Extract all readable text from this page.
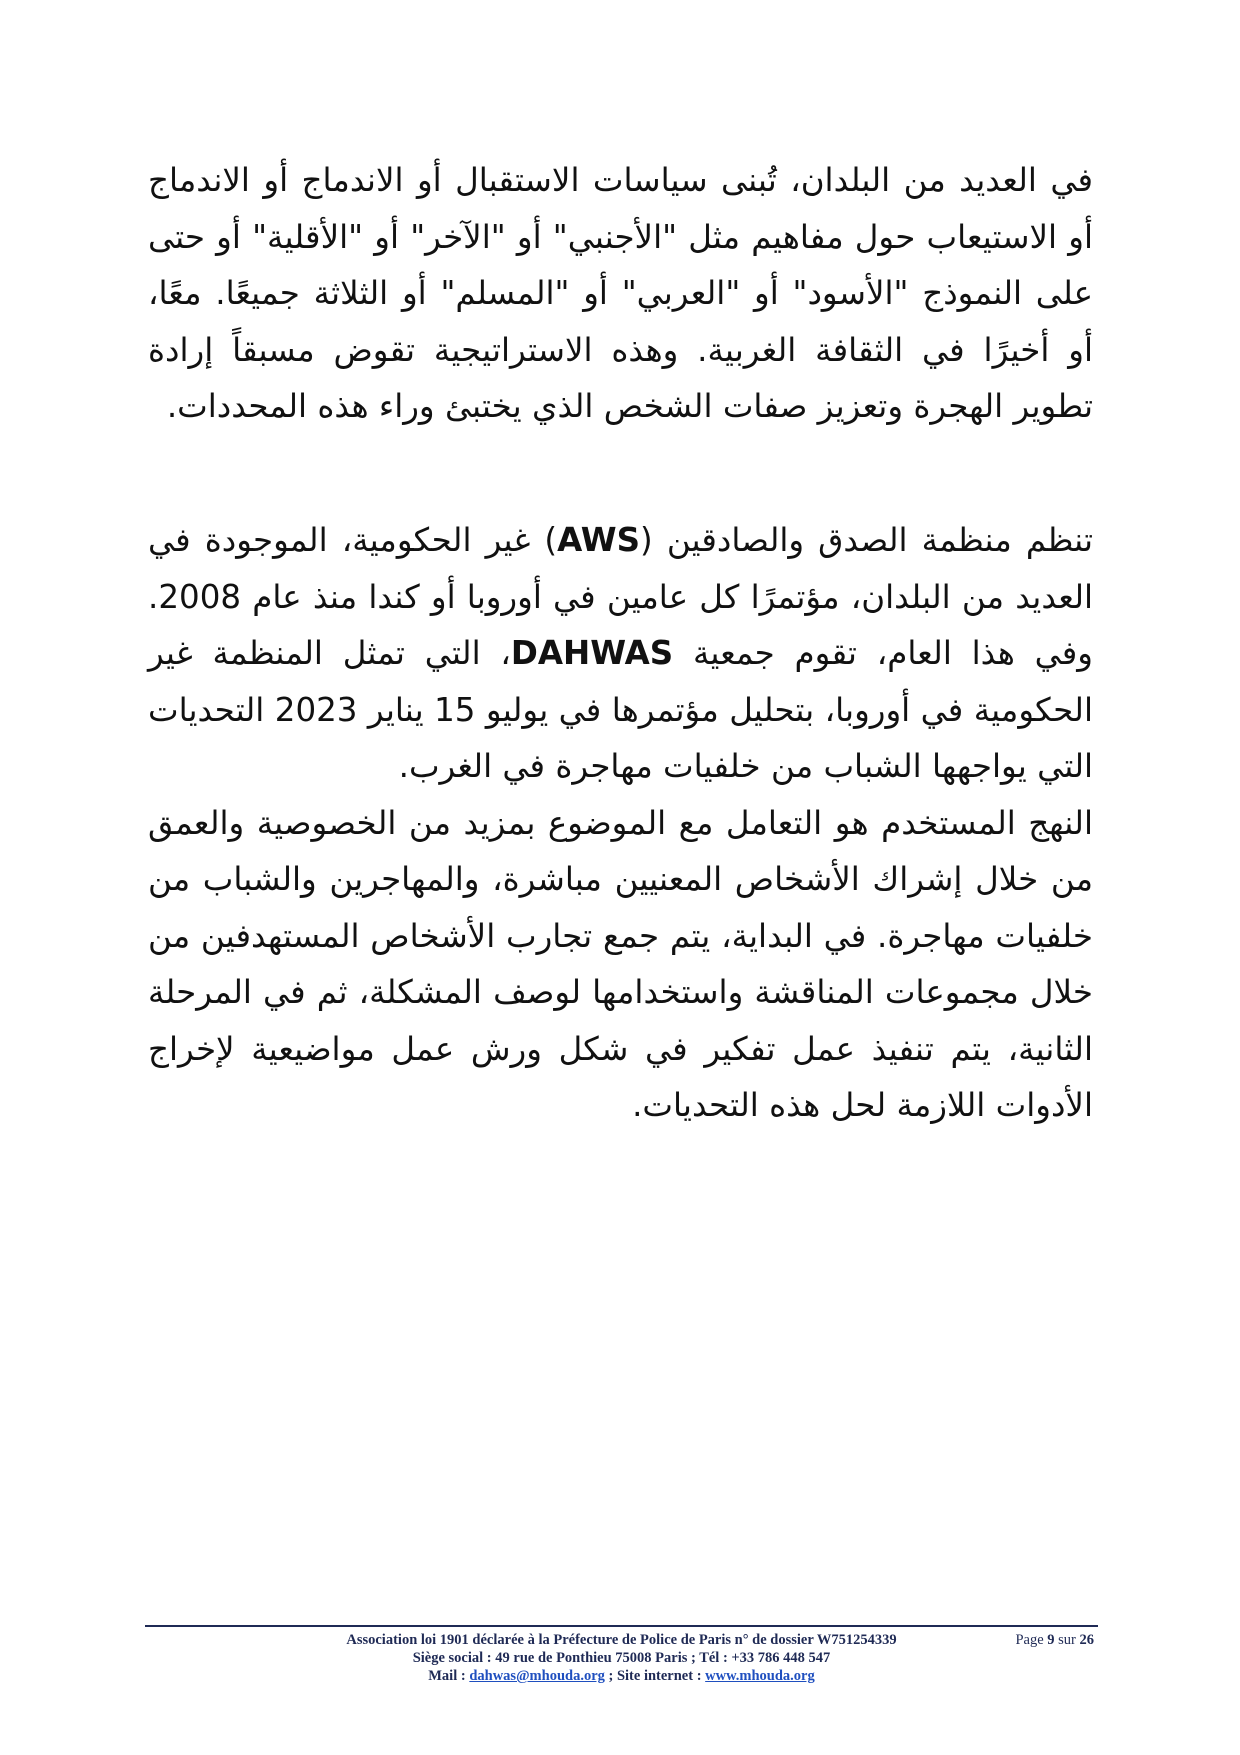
في العديد من البلدان، تُبنى سياسات الاستقبال أو الاندماج أو الاندماج أو الاستيعاب حول مفاهيم مثل "الأجنبي" أو "الآخر" أو "الأقلية" أو حتى على النموذج "الأسود" أو "العربي" أو "المسلم" أو الثلاثة جميعًا. معًا، أو أخيرًا في الثقافة الغربية. وهذه الاستراتيجية تقوض مسبقاً إرادة تطوير الهجرة وتعزيز صفات الشخص الذي يختبئ وراء هذه المحددات.

تنظم منظمة الصدق والصادقين (AWS) غير الحكومية، الموجودة في العديد من البلدان، مؤتمرًا كل عامين في أوروبا أو كندا منذ عام 2008. وفي هذا العام، تقوم جمعية DAHWAS، التي تمثل المنظمة غير الحكومية في أوروبا، بتحليل مؤتمرها في يوليو 15 يناير 2023 التحديات التي يواجهها الشباب من خلفيات مهاجرة في الغرب.

النهج المستخدم هو التعامل مع الموضوع بمزيد من الخصوصية والعمق من خلال إشراك الأشخاص المعنيين مباشرة، والمهاجرين والشباب من خلفيات مهاجرة. في البداية، يتم جمع تجارب الأشخاص المستهدفين من خلال مجموعات المناقشة واستخدامها لوصف المشكلة، ثم في المرحلة الثانية، يتم تنفيذ عمل تفكير في شكل ورش عمل مواضيعية لإخراج الأدوات اللازمة لحل هذه التحديات.

Association loi 1901 déclarée à la Préfecture de Police de Paris n° de dossier W751254339	Page 9 sur 26
Siège social : 49 rue de Ponthieu 75008 Paris ; Tél : +33 786 448 547
Mail : dahwas@mhouda.org ; Site internet : www.mhouda.org
